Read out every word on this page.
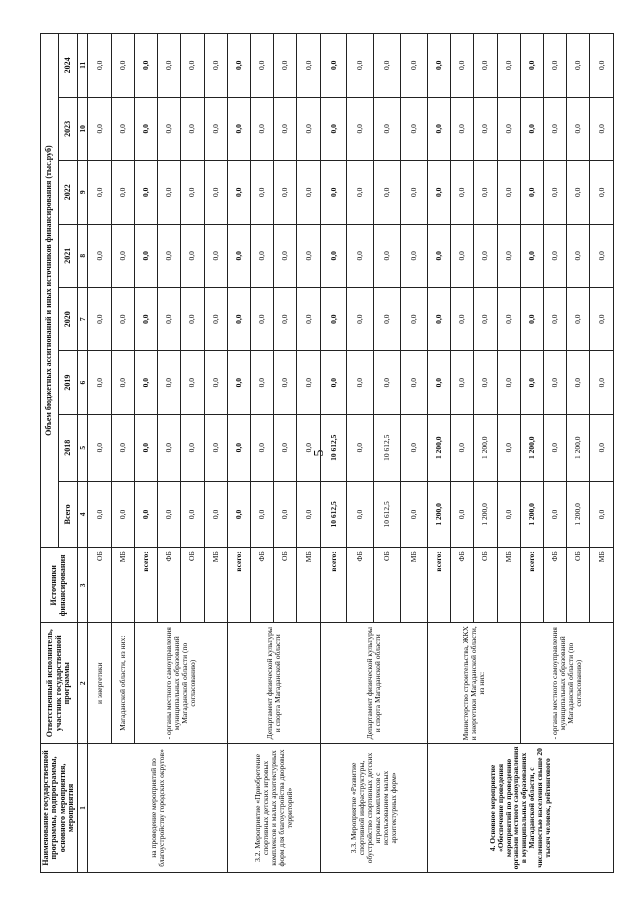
5
Наименование государственной программы, подпрограммы, основного мероприятия, мероприятия	Ответственный исполнитель, участник государственной программы	Источники финансирования	Объем бюджетных ассигнований и иных источников финансирования (тыс.руб)							
			Всего	2018	2019	2020	2021	2022	2023	2024
1	2	3	4	5	6	7	8	9	10	11
на проведение мероприятий по благоустройству городских округов»	и энергетики	ОБ	0,0	0,0	0,0	0,0	0,0	0,0	0,0	0,0
	Магаданской области, из них:	МБ	0,0	0,0	0,0	0,0	0,0	0,0	0,0	0,0
	- органы местного самоуправления муниципальных образований Магаданской области (по согласованию)	всего:	0,0	0,0	0,0	0,0	0,0	0,0	0,0	0,0
		ФБ	0,0	0,0	0,0	0,0	0,0	0,0	0,0	0,0
		ОБ	0,0	0,0	0,0	0,0	0,0	0,0	0,0	0,0
		МБ	0,0	0,0	0,0	0,0	0,0	0,0	0,0	0,0
3.2. Мероприятие «Приобретение спортивных детских игровых комплексов и малых архитектурных форм для благоустройства дворовых территорий»	Департамент физической культуры и спорта Магаданской области	всего:	0,0	0,0	0,0	0,0	0,0	0,0	0,0	0,0
		ФБ	0,0	0,0	0,0	0,0	0,0	0,0	0,0	0,0
		ОБ	0,0	0,0	0,0	0,0	0,0	0,0	0,0	0,0
		МБ	0,0	0,0	0,0	0,0	0,0	0,0	0,0	0,0
3.3. Мероприятие «Развитие спортивной инфраструктуры, обустройство спортивных детских игровых комплексов с использованием малых архитектурных форм»	Департамент физической культуры и спорта Магаданской области	всего:	10 612,5	10 612,5	0,0	0,0	0,0	0,0	0,0	0,0
		ФБ	0,0	0,0	0,0	0,0	0,0	0,0	0,0	0,0
		ОБ	10 612,5	10 612,5	0,0	0,0	0,0	0,0	0,0	0,0
		МБ	0,0	0,0	0,0	0,0	0,0	0,0	0,0	0,0
4. Основное мероприятие «Обеспечение проведения мероприятий по проведению органами местного самоуправления в муниципальных образованиях Магаданской области, с численностью населения свыше 20 тысяч человек, рейтингового	Министерство строительства, ЖКХ и энергетики Магаданской области, из них:	всего:	1 200,0	1 200,0	0,0	0,0	0,0	0,0	0,0	0,0
		ФБ	0,0	0,0	0,0	0,0	0,0	0,0	0,0	0,0
		ОБ	1 200,0	1 200,0	0,0	0,0	0,0	0,0	0,0	0,0
		МБ	0,0	0,0	0,0	0,0	0,0	0,0	0,0	0,0
	- органы местного самоуправления муниципальных образований Магаданской области (по согласованию)	всего:	1 200,0	1 200,0	0,0	0,0	0,0	0,0	0,0	0,0
		ФБ	0,0	0,0	0,0	0,0	0,0	0,0	0,0	0,0
		ОБ	1 200,0	1 200,0	0,0	0,0	0,0	0,0	0,0	0,0
		МБ	0,0	0,0	0,0	0,0	0,0	0,0	0,0	0,0
